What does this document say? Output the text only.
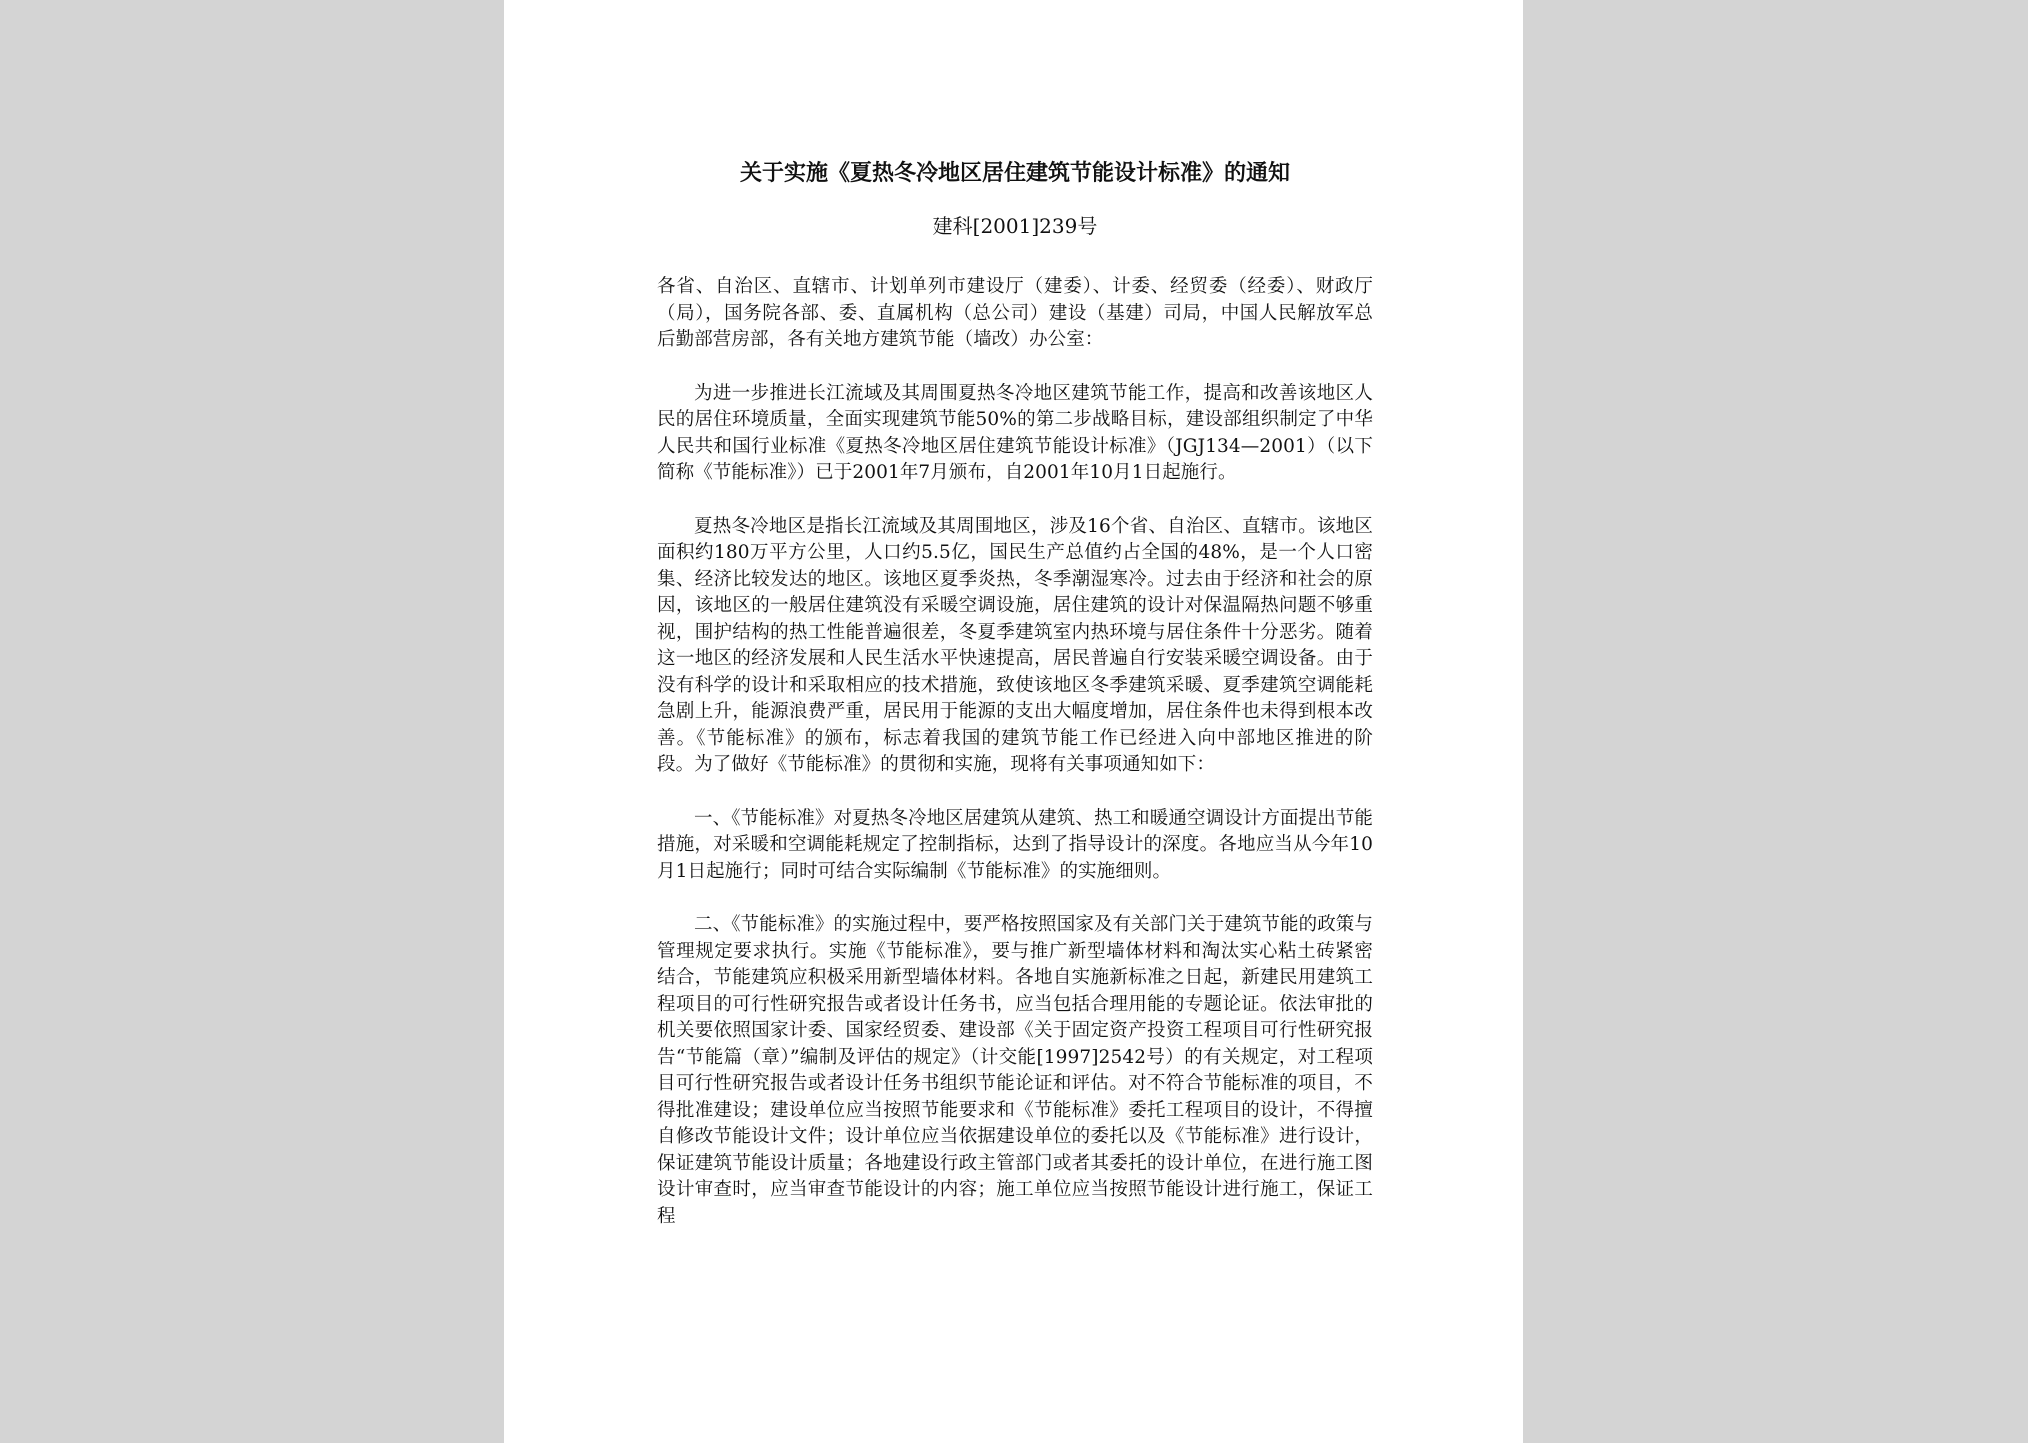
关于实施《夏热冬冷地区居住建筑节能设计标准》的通知

建科[2001]239号

各省、自治区、直辖市、计划单列市建设厅（建委）、计委、经贸委（经委）、财政厅（局），国务院各部、委、直属机构（总公司）建设（基建）司局，中国人民解放军总后勤部营房部，各有关地方建筑节能（墙改）办公室：

为进一步推进长江流域及其周围夏热冬冷地区建筑节能工作，提高和改善该地区人民的居住环境质量，全面实现建筑节能50%的第二步战略目标，建设部组织制定了中华人民共和国行业标准《夏热冬冷地区居住建筑节能设计标准》（JGJ134—2001）（以下简称《节能标准》）已于2001年7月颁布，自2001年10月1日起施行。

夏热冬冷地区是指长江流域及其周围地区，涉及16个省、自治区、直辖市。该地区面积约180万平方公里，人口约5.5亿，国民生产总值约占全国的48%，是一个人口密集、经济比较发达的地区。该地区夏季炎热，冬季潮湿寒冷。过去由于经济和社会的原因，该地区的一般居住建筑没有采暖空调设施，居住建筑的设计对保温隔热问题不够重视，围护结构的热工性能普遍很差，冬夏季建筑室内热环境与居住条件十分恶劣。随着这一地区的经济发展和人民生活水平快速提高，居民普遍自行安装采暖空调设备。由于没有科学的设计和采取相应的技术措施，致使该地区冬季建筑采暖、夏季建筑空调能耗急剧上升，能源浪费严重，居民用于能源的支出大幅度增加，居住条件也未得到根本改善。《节能标准》的颁布，标志着我国的建筑节能工作已经进入向中部地区推进的阶段。为了做好《节能标准》的贯彻和实施，现将有关事项通知如下：

一、《节能标准》对夏热冬冷地区居建筑从建筑、热工和暖通空调设计方面提出节能措施，对采暖和空调能耗规定了控制指标，达到了指导设计的深度。各地应当从今年10月1日起施行；同时可结合实际编制《节能标准》的实施细则。

二、《节能标准》的实施过程中，要严格按照国家及有关部门关于建筑节能的政策与管理规定要求执行。实施《节能标准》，要与推广新型墙体材料和淘汰实心粘土砖紧密结合，节能建筑应积极采用新型墙体材料。各地自实施新标准之日起，新建民用建筑工程项目的可行性研究报告或者设计任务书，应当包括合理用能的专题论证。依法审批的机关要依照国家计委、国家经贸委、建设部《关于固定资产投资工程项目可行性研究报告“节能篇（章）”编制及评估的规定》（计交能[1997]2542号）的有关规定，对工程项目可行性研究报告或者设计任务书组织节能论证和评估。对不符合节能标准的项目，不得批准建设；建设单位应当按照节能要求和《节能标准》委托工程项目的设计，不得擅自修改节能设计文件；设计单位应当依据建设单位的委托以及《节能标准》进行设计，保证建筑节能设计质量；各地建设行政主管部门或者其委托的设计单位，在进行施工图设计审查时，应当审查节能设计的内容；施工单位应当按照节能设计进行施工，保证工程
